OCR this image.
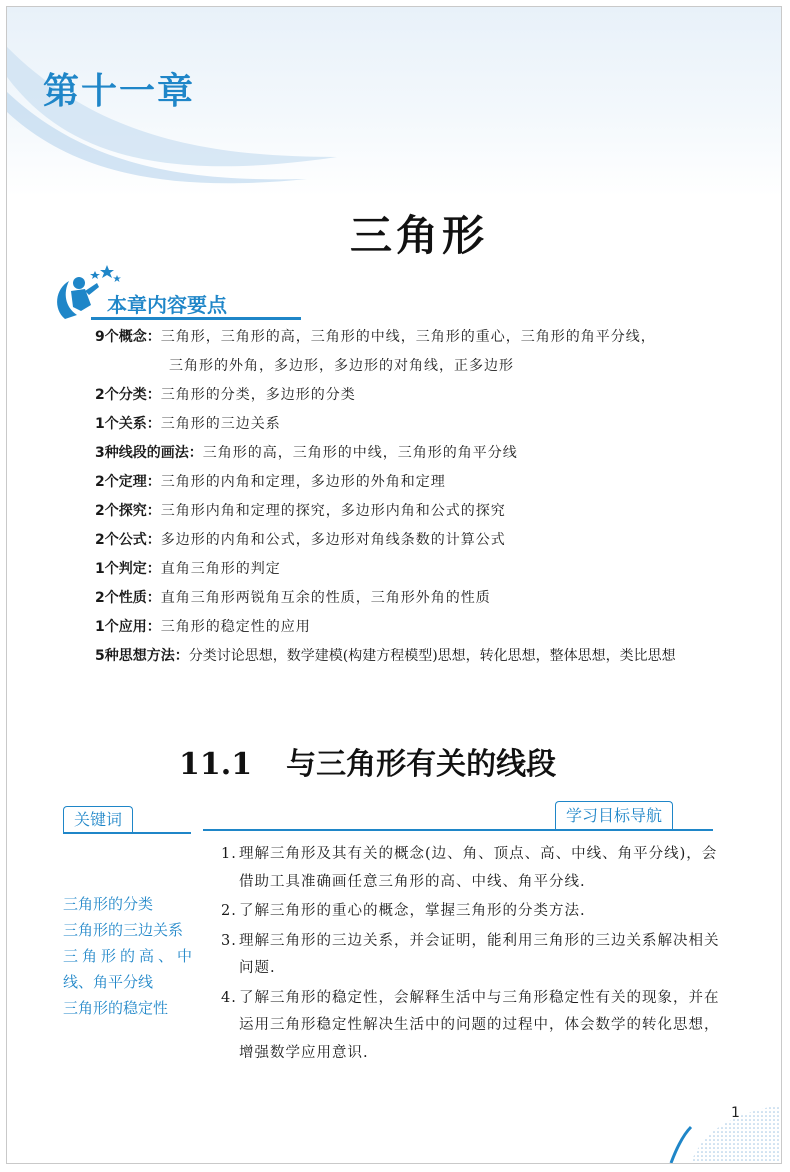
第十一章
三角形
本章内容要点
9个概念： 三角形，三角形的高，三角形的中线，三角形的重心，三角形的角平分线，
三角形的外角，多边形，多边形的对角线，正多边形
2个分类： 三角形的分类，多边形的分类
1个关系： 三角形的三边关系
3种线段的画法： 三角形的高，三角形的中线，三角形的角平分线
2个定理： 三角形的内角和定理，多边形的外角和定理
2个探究： 三角形内角和定理的探究，多边形内角和公式的探究
2个公式： 多边形的内角和公式，多边形对角线条数的计算公式
1个判定： 直角三角形的判定
2个性质： 直角三角形两锐角互余的性质，三角形外角的性质
1个应用： 三角形的稳定性的应用
5种思想方法： 分类讨论思想，数学建模(构建方程模型)思想，转化思想，整体思想，类比思想
11.1 与三角形有关的线段
关键词
三角形的分类
三角形的三边关系
三角形的高、中
线、角平分线
三角形的稳定性
学习目标导航
1. 理解三角形及其有关的概念(边、角、顶点、高、中线、角平分线)，会借助工具准确画任意三角形的高、中线、角平分线.
2. 了解三角形的重心的概念，掌握三角形的分类方法.
3. 理解三角形的三边关系，并会证明，能利用三角形的三边关系解决相关问题.
4. 了解三角形的稳定性，会解释生活中与三角形稳定性有关的现象，并在运用三角形稳定性解决生活中的问题的过程中，体会数学的转化思想，增强数学应用意识.
1
